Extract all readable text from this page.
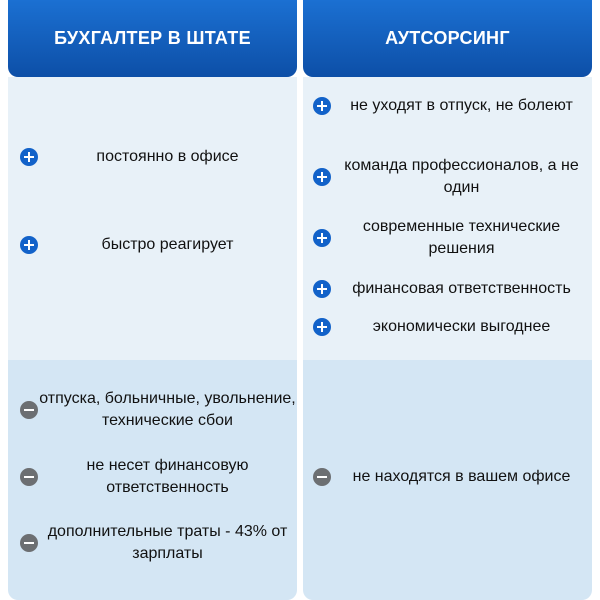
БУХГАЛТЕР В ШТАТЕ
постоянно в офисе
быстро реагирует
отпуска, больничные, увольнение, технические сбои
не несет финансовую ответственность
дополнительные траты - 43% от зарплаты
АУТСОРСИНГ
не уходят в отпуск, не болеют
команда профессионалов, а не один
современные технические решения
финансовая ответственность
экономически выгоднее
не находятся в вашем офисе
